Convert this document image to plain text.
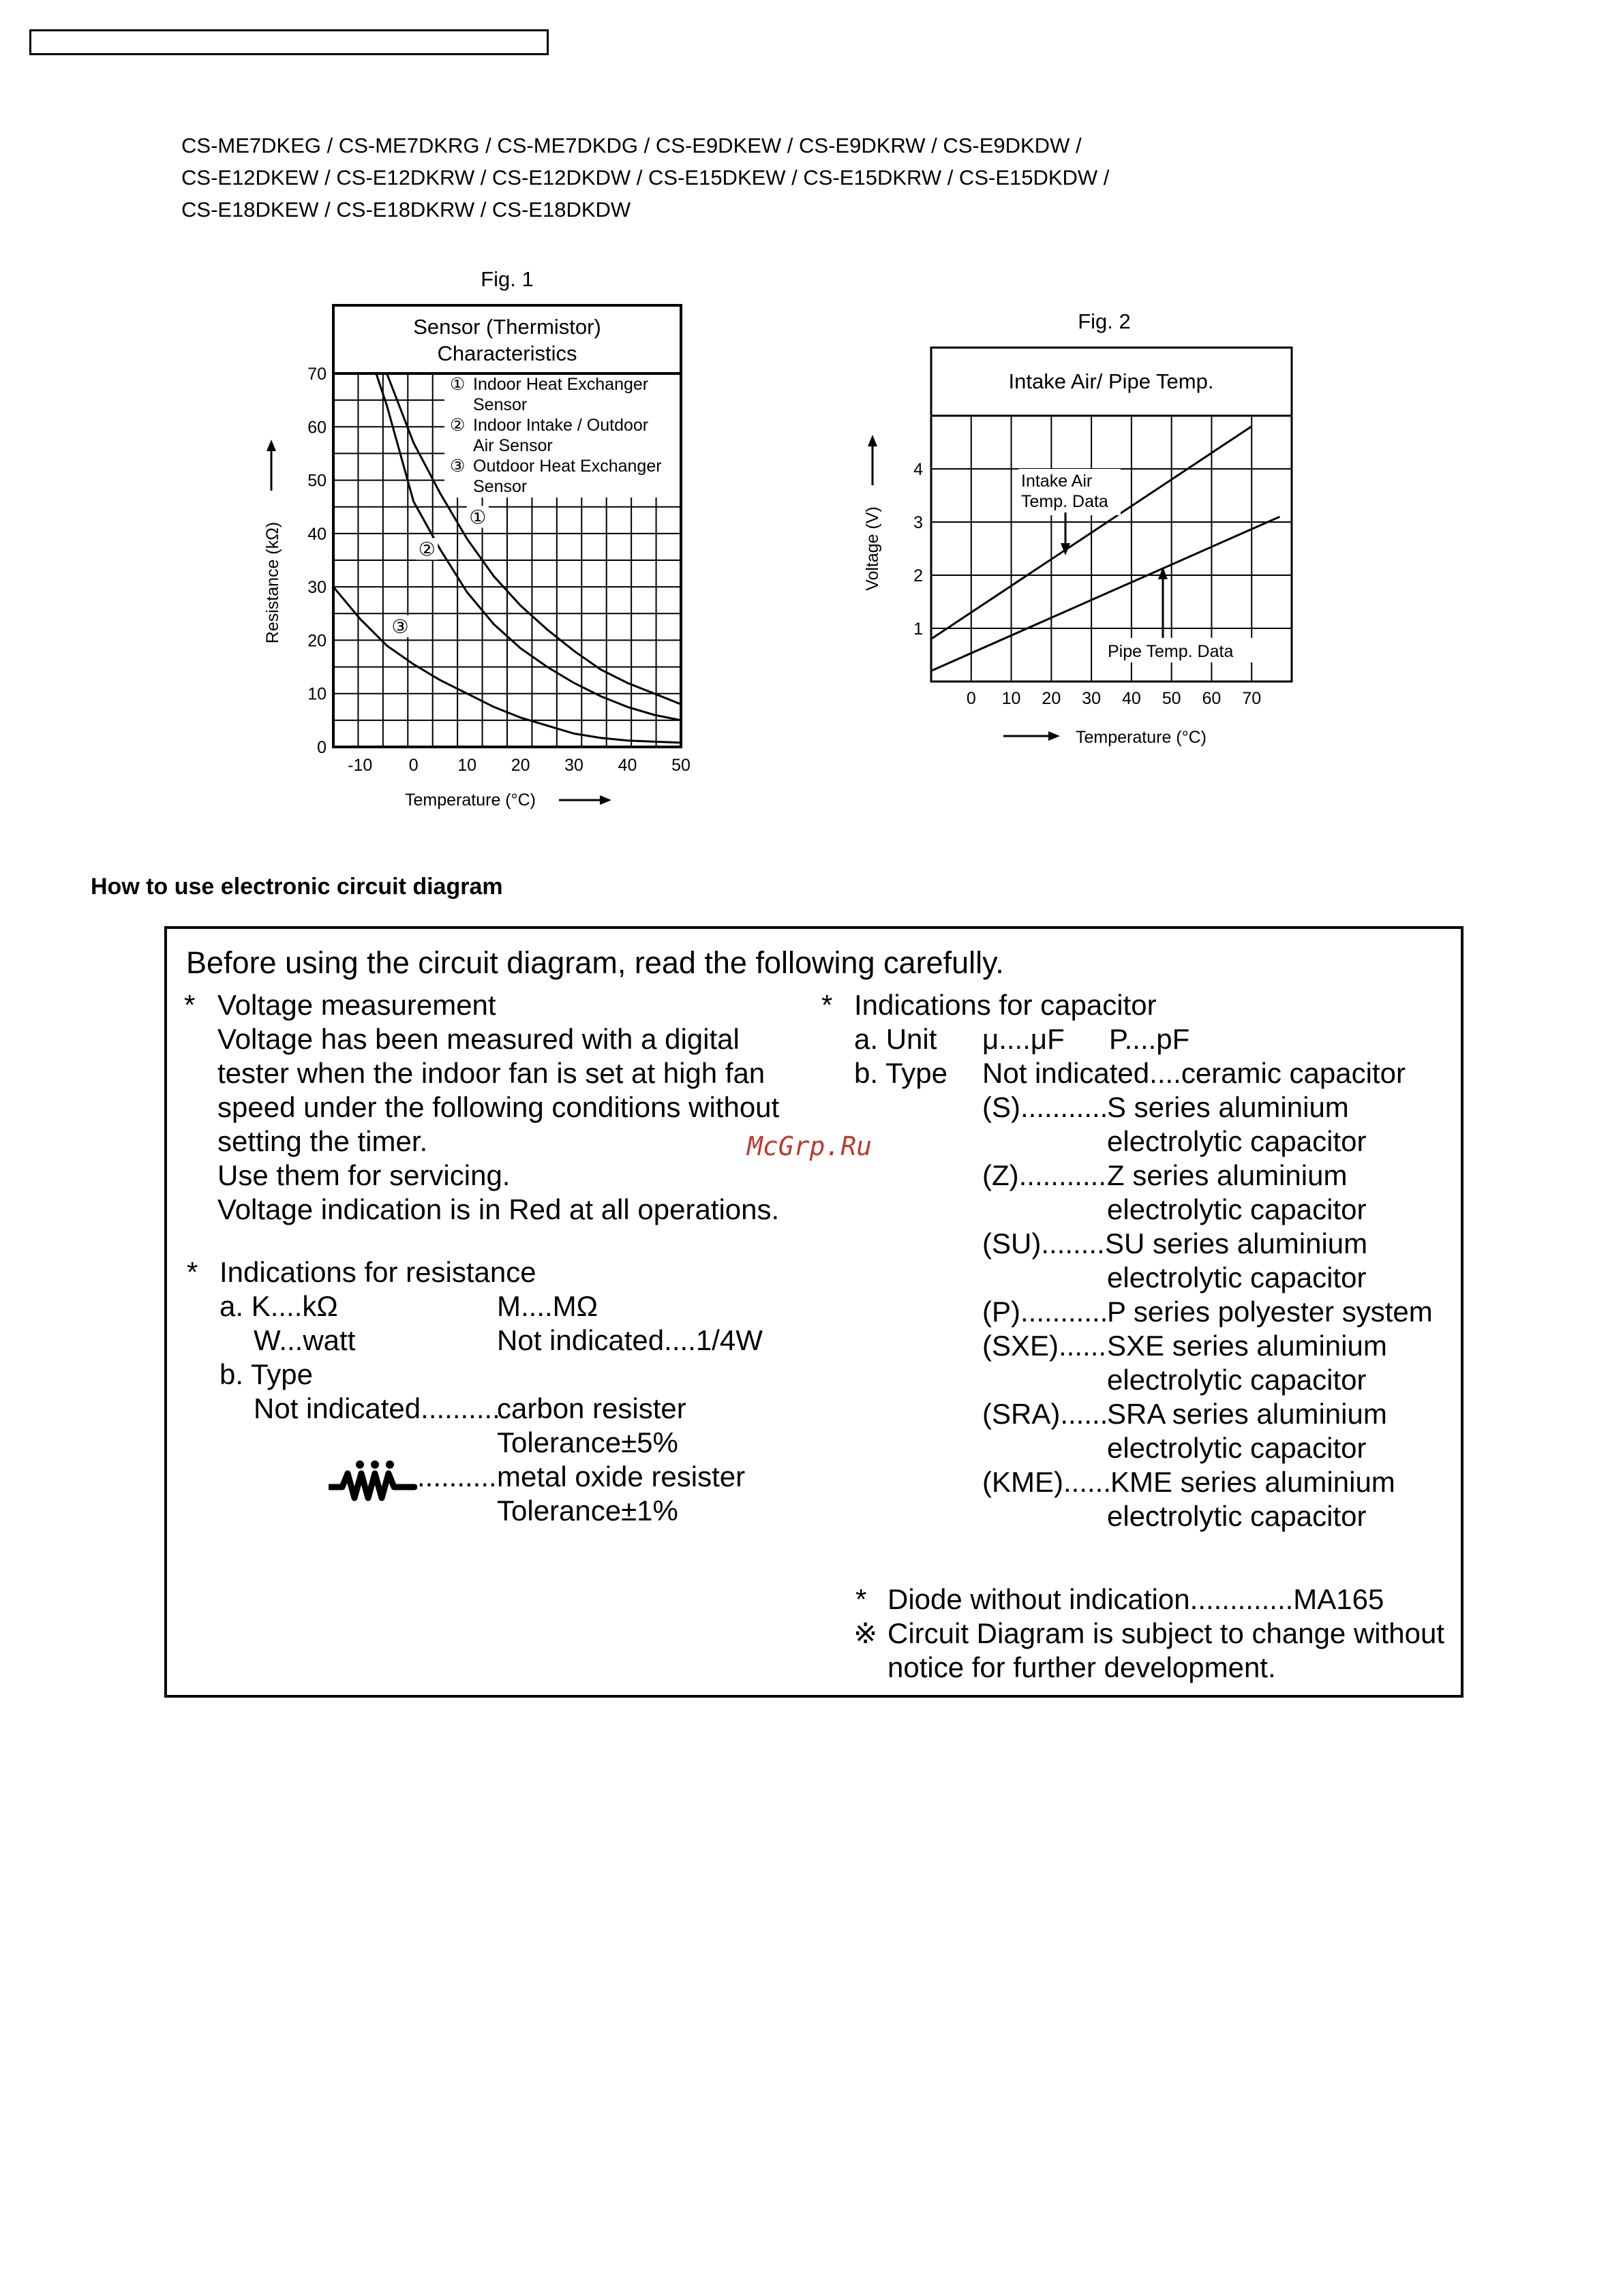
CS-ME7DKEG / CS-ME7DKRG / CS-ME7DKDG / CS-E9DKEW / CS-E9DKRW / CS-E9DKDW /
CS-E12DKEW / CS-E12DKRW / CS-E12DKDW / CS-E15DKEW / CS-E15DKRW / CS-E15DKDW /
CS-E18DKEW / CS-E18DKRW / CS-E18DKDW
Fig. 1
Sensor (Thermistor)
Characteristics
① Indoor Heat Exchanger
Sensor
② Indoor Intake / Outdoor
Air Sensor
③ Outdoor Heat Exchanger
Sensor
①
②
③
-10 0 10 20 30 40 50
0
10
20
30
40
50
60
70
Resistance (kΩ)
Temperature (°C)
Fig. 2
Intake Air/ Pipe Temp.
Intake Air
Temp. Data
Pipe Temp. Data
0 10 20 30 40 50 60 70
1
2
3
4
Voltage (V)
Temperature (°C)
How to use electronic circuit diagram
Before using the circuit diagram, read the following carefully.
* Voltage measurement
Voltage has been measured with a digital
tester when the indoor fan is set at high fan
speed under the following conditions without
setting the timer.
Use them for servicing.
Voltage indication is in Red at all operations.
McGrp.Ru
* Indications for resistance
a. K....kΩ	M....MΩ
W...watt	Not indicated....1/4W
b. Type
Not indicated..........
carbon resister
Tolerance±5%
.......... metal oxide resister
Tolerance±1%
* Indications for capacitor
a. Unit μ....μF P....pF
b. Type Not indicated....ceramic capacitor
(S)...........
S series aluminium
electrolytic capacitor
(Z)........... Z series aluminium
electrolytic capacitor
(SU)........ SU series aluminium
electrolytic capacitor
(P)...........
P series polyester system
(SXE)...... SXE series aluminium
electrolytic capacitor
(SRA)......
SRA series aluminium
electrolytic capacitor
(KME)...... KME series aluminium
electrolytic capacitor
* Diode without indication.............MA165
※ Circuit Diagram is subject to change without
notice for further development.
